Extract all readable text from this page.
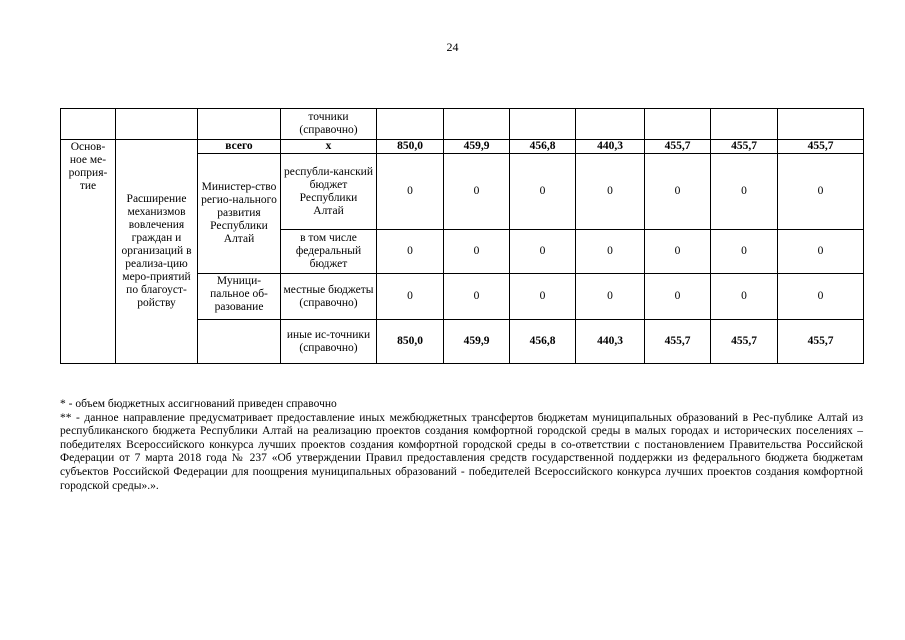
24
			точники (справочно)							
Основ-ное ме-роприя-тие	Расширение механизмов вовлечения граждан и организаций в реализа-цию меро-приятий по благоуст-ройству	всего	х	850,0	459,9	456,8	440,3	455,7	455,7	455,7
		Министер-ство регио-нального развития Республики Алтай	республи-канский бюджет Республики Алтай	0	0	0	0	0	0	0
			в том числе федеральный бюджет	0	0	0	0	0	0	0
		Муници-пальное об-разование	местные бюджеты (справочно)	0	0	0	0	0	0	0
			иные ис-точники (справочно)	850,0	459,9	456,8	440,3	455,7	455,7	455,7

* - объем бюджетных ассигнований приведен справочно

** - данное направление предусматривает предоставление иных межбюджетных трансфертов бюджетам муниципальных образований в Рес-публике Алтай из республиканского бюджета Республики Алтай на реализацию проектов создания комфортной городской среды в малых городах и исторических поселениях – победителях Всероссийского конкурса лучших проектов создания комфортной городской среды в со-ответствии с постановлением Правительства Российской Федерации от 7 марта 2018 года № 237 «Об утверждении Правил предоставления средств государственной поддержки из федерального бюджета бюджетам субъектов Российской Федерации для поощрения муниципальных образований - победителей Всероссийского конкурса лучших проектов создания комфортной городской среды».».
